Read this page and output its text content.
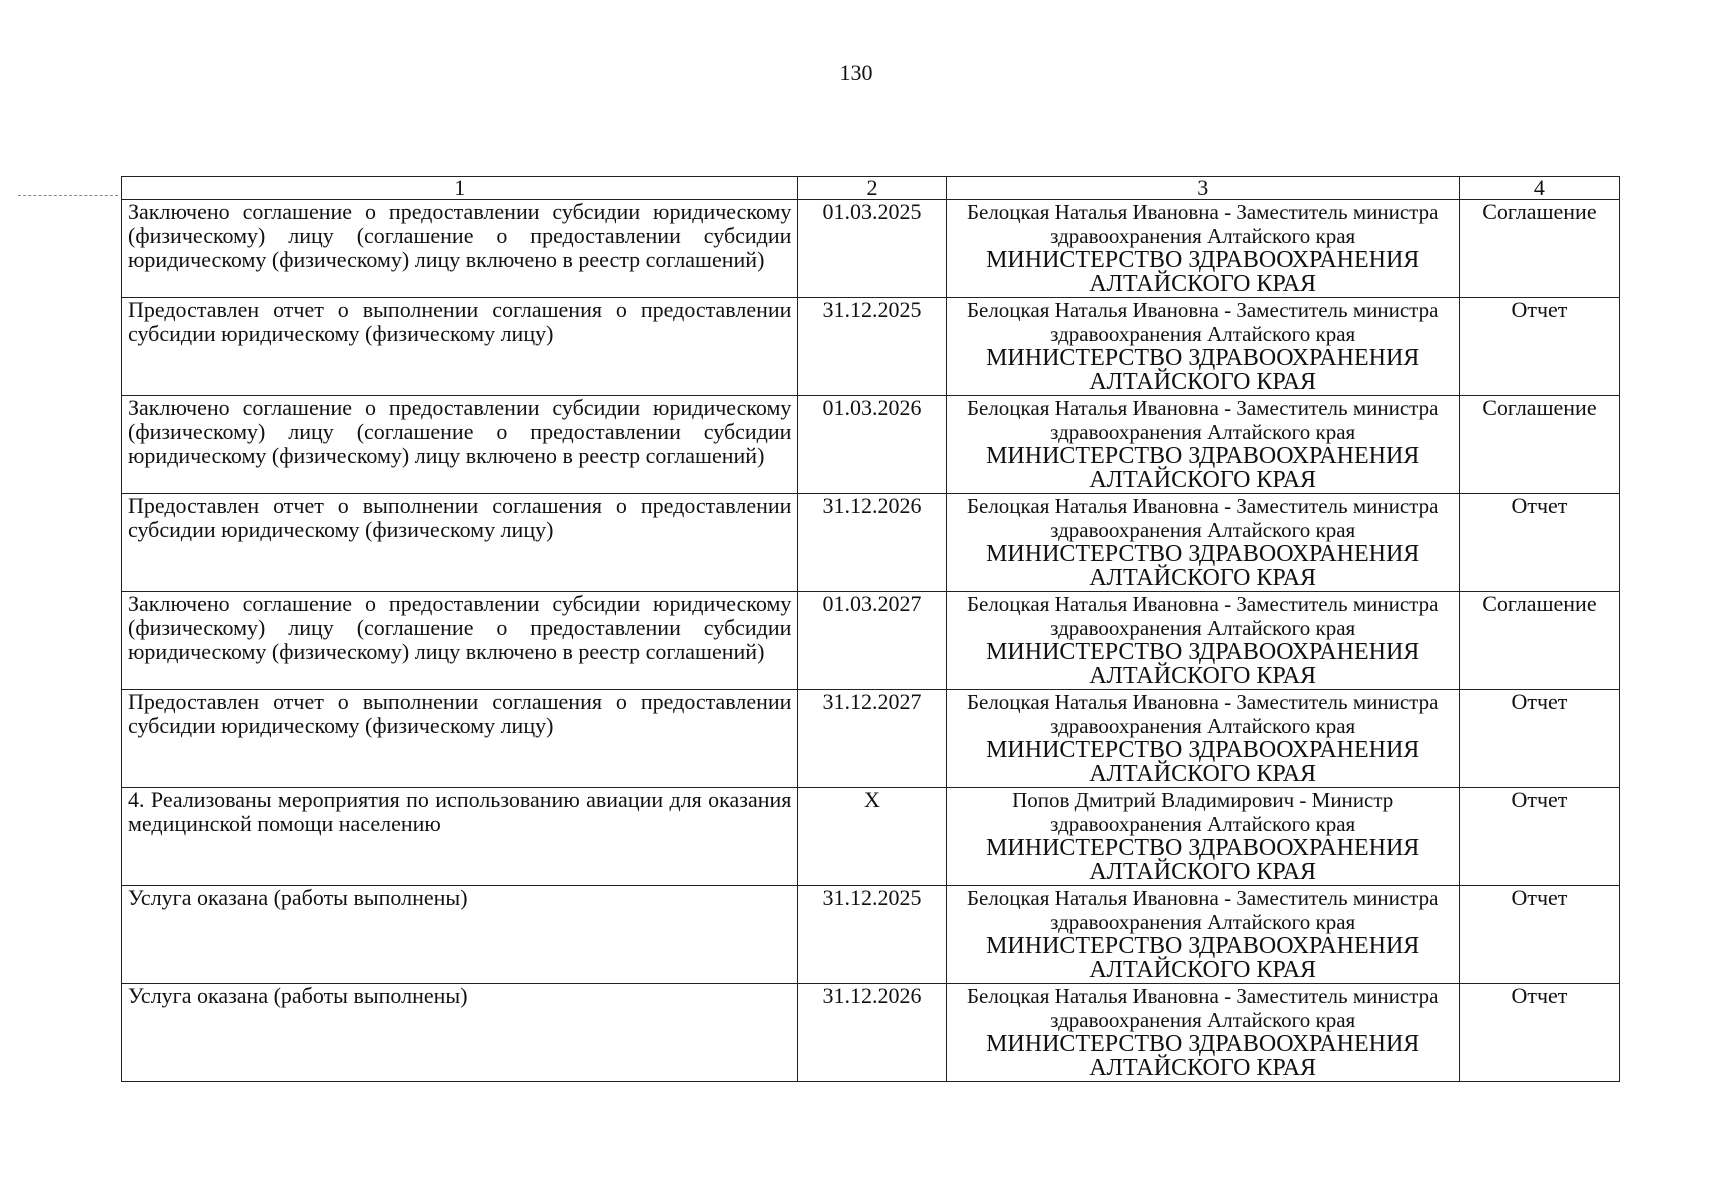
130
1	2	3	4
Заключено соглашение о предоставлении субсидии юридическому (физическому) лицу (соглашение о предоставлении субсидии юридическому (физическому) лицу включено в реестр соглашений)	01.03.2025	Белоцкая Наталья Ивановна - Заместитель министра здравоохранения Алтайского края
МИНИСТЕРСТВО ЗДРАВООХРАНЕНИЯ АЛТАЙСКОГО КРАЯ	Соглашение
Предоставлен отчет о выполнении соглашения о предоставлении субсидии юридическому (физическому лицу)	31.12.2025	Белоцкая Наталья Ивановна - Заместитель министра здравоохранения Алтайского края
МИНИСТЕРСТВО ЗДРАВООХРАНЕНИЯ АЛТАЙСКОГО КРАЯ	Отчет
Заключено соглашение о предоставлении субсидии юридическому (физическому) лицу (соглашение о предоставлении субсидии юридическому (физическому) лицу включено в реестр соглашений)	01.03.2026	Белоцкая Наталья Ивановна - Заместитель министра здравоохранения Алтайского края
МИНИСТЕРСТВО ЗДРАВООХРАНЕНИЯ АЛТАЙСКОГО КРАЯ	Соглашение
Предоставлен отчет о выполнении соглашения о предоставлении субсидии юридическому (физическому лицу)	31.12.2026	Белоцкая Наталья Ивановна - Заместитель министра здравоохранения Алтайского края
МИНИСТЕРСТВО ЗДРАВООХРАНЕНИЯ АЛТАЙСКОГО КРАЯ	Отчет
Заключено соглашение о предоставлении субсидии юридическому (физическому) лицу (соглашение о предоставлении субсидии юридическому (физическому) лицу включено в реестр соглашений)	01.03.2027	Белоцкая Наталья Ивановна - Заместитель министра здравоохранения Алтайского края
МИНИСТЕРСТВО ЗДРАВООХРАНЕНИЯ АЛТАЙСКОГО КРАЯ	Соглашение
Предоставлен отчет о выполнении соглашения о предоставлении субсидии юридическому (физическому лицу)	31.12.2027	Белоцкая Наталья Ивановна - Заместитель министра здравоохранения Алтайского края
МИНИСТЕРСТВО ЗДРАВООХРАНЕНИЯ АЛТАЙСКОГО КРАЯ	Отчет
4. Реализованы мероприятия по использованию авиации для оказания медицинской помощи населению	X	Попов Дмитрий Владимирович - Министр здравоохранения Алтайского края
МИНИСТЕРСТВО ЗДРАВООХРАНЕНИЯ АЛТАЙСКОГО КРАЯ	Отчет
Услуга оказана (работы выполнены)	31.12.2025	Белоцкая Наталья Ивановна - Заместитель министра здравоохранения Алтайского края
МИНИСТЕРСТВО ЗДРАВООХРАНЕНИЯ АЛТАЙСКОГО КРАЯ	Отчет
Услуга оказана (работы выполнены)	31.12.2026	Белоцкая Наталья Ивановна - Заместитель министра здравоохранения Алтайского края
МИНИСТЕРСТВО ЗДРАВООХРАНЕНИЯ АЛТАЙСКОГО КРАЯ	Отчет
